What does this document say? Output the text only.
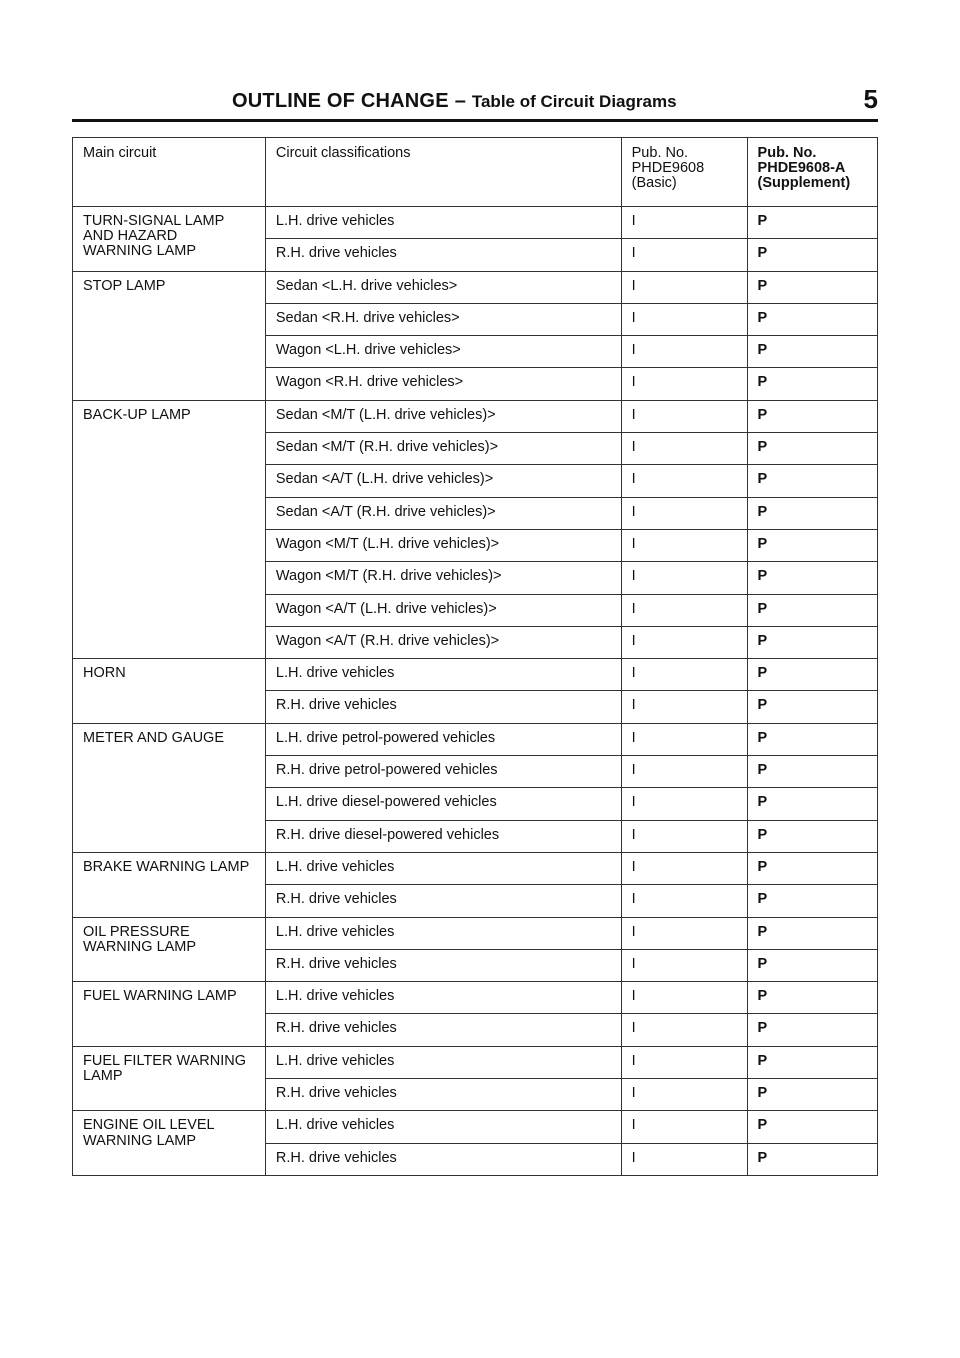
OUTLINE OF CHANGE – Table of Circuit Diagrams	5
Main circuit	Circuit classifications	Pub. No.
PHDE9608
(Basic)	Pub. No.
PHDE9608-A
(Supplement)
TURN-SIGNAL LAMP
AND HAZARD
WARNING LAMP	L.H. drive vehicles	I	P
	R.H. drive vehicles	I	P
STOP LAMP	Sedan <L.H. drive vehicles>	I	P
	Sedan <R.H. drive vehicles>	I	P
	Wagon <L.H. drive vehicles>	I	P
	Wagon <R.H. drive vehicles>	I	P
BACK-UP LAMP	Sedan <M/T (L.H. drive vehicles)>	I	P
	Sedan <M/T (R.H. drive vehicles)>	I	P
	Sedan <A/T (L.H. drive vehicles)>	I	P
	Sedan <A/T (R.H. drive vehicles)>	I	P
	Wagon <M/T (L.H. drive vehicles)>	I	P
	Wagon <M/T (R.H. drive vehicles)>	I	P
	Wagon <A/T (L.H. drive vehicles)>	I	P
	Wagon <A/T (R.H. drive vehicles)>	I	P
HORN	L.H. drive vehicles	I	P
	R.H. drive vehicles	I	P
METER AND GAUGE	L.H. drive petrol-powered vehicles	I	P
	R.H. drive petrol-powered vehicles	I	P
	L.H. drive diesel-powered vehicles	I	P
	R.H. drive diesel-powered vehicles	I	P
BRAKE WARNING LAMP	L.H. drive vehicles	I	P
	R.H. drive vehicles	I	P
OIL PRESSURE
WARNING LAMP	L.H. drive vehicles	I	P
	R.H. drive vehicles	I	P
FUEL WARNING LAMP	L.H. drive vehicles	I	P
	R.H. drive vehicles	I	P
FUEL FILTER WARNING
LAMP	L.H. drive vehicles	I	P
	R.H. drive vehicles	I	P
ENGINE OIL LEVEL
WARNING LAMP	L.H. drive vehicles	I	P
	R.H. drive vehicles	I	P
